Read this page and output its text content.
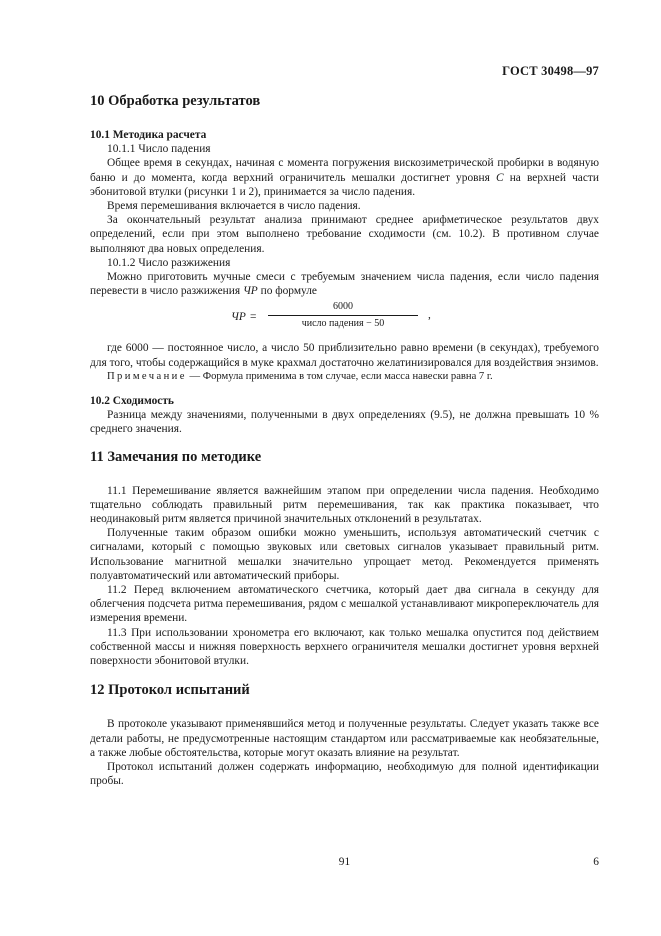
ГОСТ 30498—97
10 Обработка результатов
10.1 Методика расчета

10.1.1 Число падения

Общее время в секундах, начиная с момента погружения вискозиметрической пробирки в водяную баню и до момента, когда верхний ограничитель мешалки достигнет уровня С на верхней части эбонитовой втулки (рисунки 1 и 2), принимается за число падения.

Время перемешивания включается в число падения.

За окончательный результат анализа принимают среднее арифметическое результатов двух определений, если при этом выполнено требование сходимости (см. 10.2). В противном случае выполняют два новых определения.

10.1.2 Число разжижения

Можно приготовить мучные смеси с требуемым значением числа падения, если число падения перевести в число разжижения ЧР по формуле

ЧР =
6000
число падения − 50
,

где 6000 — постоянное число, а число 50 приблизительно равно времени (в секундах), требуемого для того, чтобы содержащийся в муке крахмал достаточно желатинизировался для воздействия энзимов.

Примечание — Формула применима в том случае, если масса навески равна 7 г.

10.2 Сходимость

Разница между значениями, полученными в двух определениях (9.5), не должна превышать 10 % среднего значения.

11 Замечания по методике

11.1 Перемешивание является важнейшим этапом при определении числа падения. Необходимо тщательно соблюдать правильный ритм перемешивания, так как практика показывает, что неодинаковый ритм является причиной значительных отклонений в результатах.

Полученные таким образом ошибки можно уменьшить, используя автоматический счетчик с сигналами, который с помощью звуковых или световых сигналов указывает правильный ритм. Использование магнитной мешалки значительно упрощает метод. Рекомендуется применять полуавтоматический или автоматический приборы.

11.2 Перед включением автоматического счетчика, который дает два сигнала в секунду для облегчения подсчета ритма перемешивания, рядом с мешалкой устанавливают микропереключатель для измерения времени.

11.3 При использовании хронометра его включают, как только мешалка опустится под действием собственной массы и нижняя поверхность верхнего ограничителя мешалки достигнет уровня верхней поверхности эбонитовой втулки.

12 Протокол испытаний

В протоколе указывают применявшийся метод и полученные результаты. Следует указать также все детали работы, не предусмотренные настоящим стандартом или рассматриваемые как необязательные, а также любые обстоятельства, которые могут оказать влияние на результат.

Протокол испытаний должен содержать информацию, необходимую для полной идентификации пробы.

91	6
